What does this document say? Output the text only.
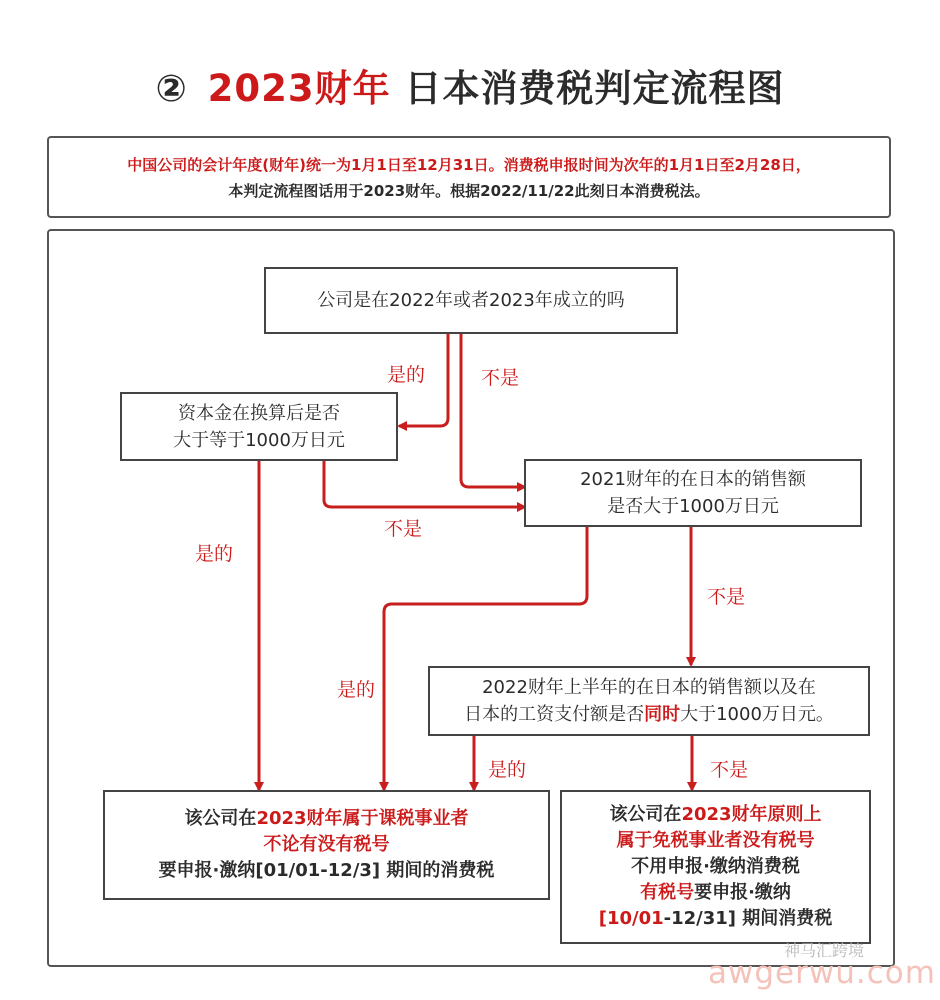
② 2023财年 日本消费税判定流程图
中国公司的会计年度(财年)统一为1月1日至12月31日。消费税申报时间为次年的1月1日至2月28日，
本判定流程图话用于2023财年。根据2022/11/22此刻日本消费税法。
公司是在2022年或者2023年成立的吗
资本金在换算后是否
大于等于1000万日元
2021财年的在日本的销售额
是否大于1000万日元
2022财年上半年的在日本的销售额以及在
日本的工资支付额是否同时大于1000万日元。
该公司在2023财年属于课税事业者
不论有没有税号
要申报·激纳[01/01-12/3] 期间的消费税
该公司在2023财年原则上
属于免税事业者没有税号
不用申报·缴纳消费税
有税号要申报·缴纳
[10/01-12/31] 期间消费税
是的	不是
不是
是的
不是
是的
是的	不是
神马汇跨境
awgerwu.com
